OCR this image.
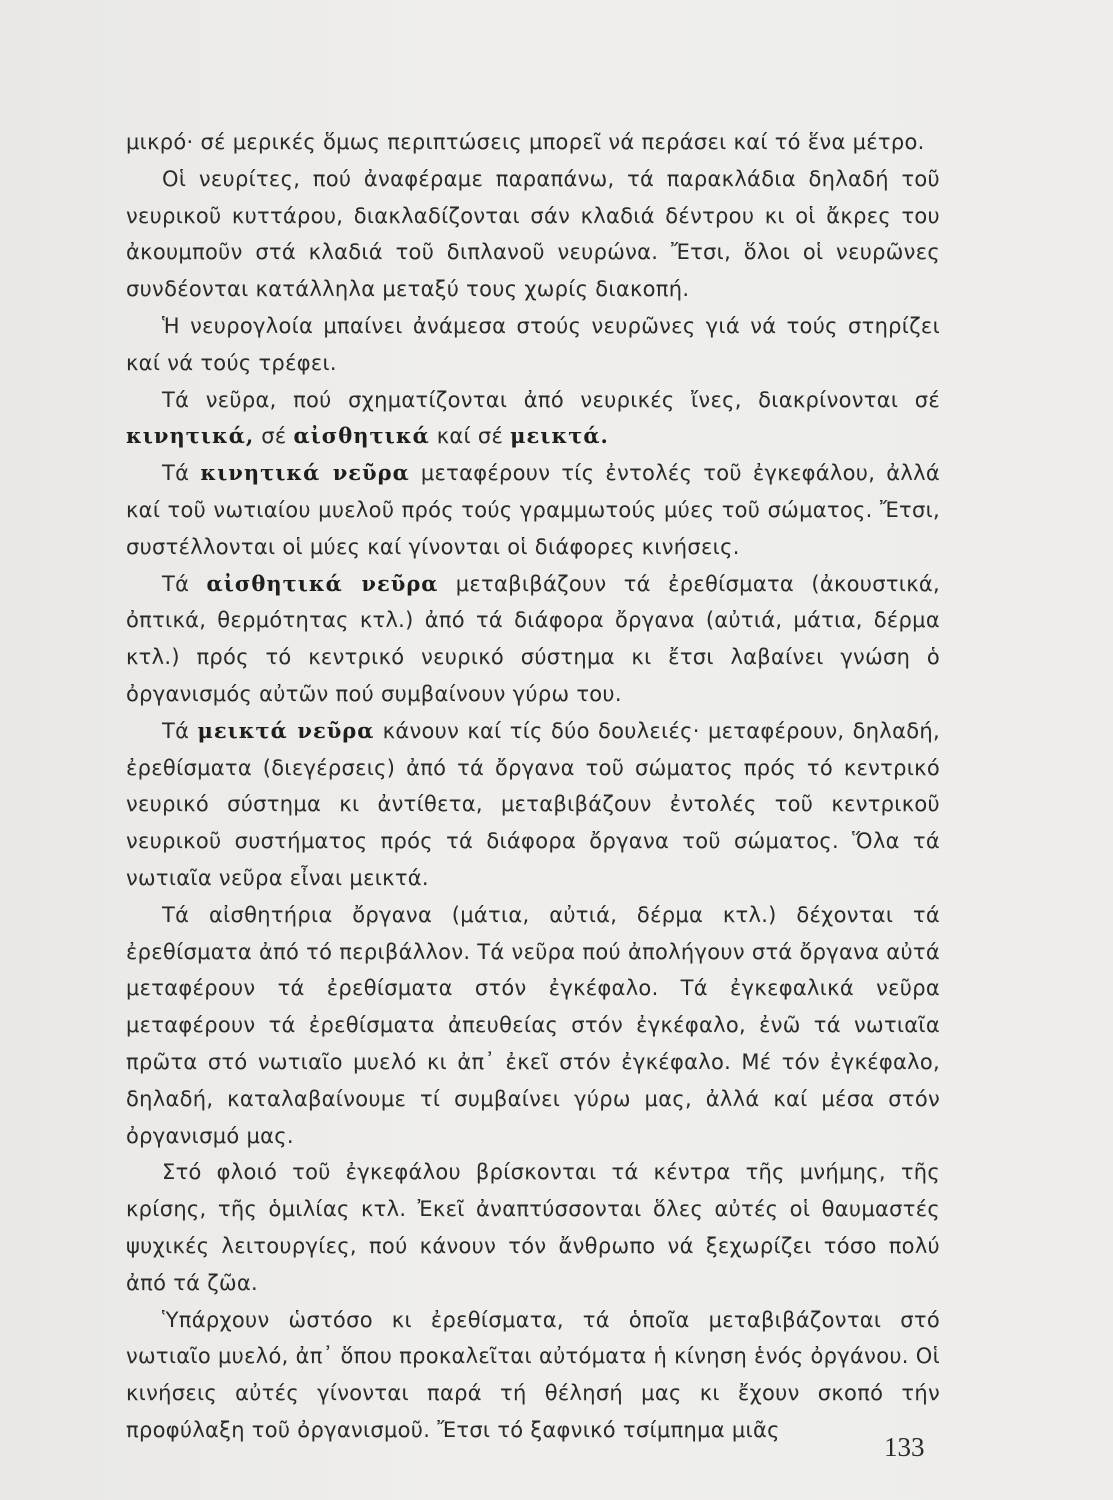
μικρό· σέ μερικές ὅμως περιπτώσεις μπορεῖ νά περάσει καί τό ἕνα μέτρο.

Οἱ νευρίτες, πού ἀναφέραμε παραπάνω, τά παρακλάδια δηλαδή τοῦ νευρικοῦ κυττάρου, διακλαδίζονται σάν κλαδιά δέντρου κι οἱ ἄκρες του ἀκουμποῦν στά κλαδιά τοῦ διπλανοῦ νευρώνα. Ἔτσι, ὅλοι οἱ νευρῶνες συνδέονται κατάλληλα μεταξύ τους χωρίς διακοπή.

Ἡ νευρογλοία μπαίνει ἀνάμεσα στούς νευρῶνες γιά νά τούς στηρίζει καί νά τούς τρέφει.

Τά νεῦρα, πού σχηματίζονται ἀπό νευρικές ἴνες, διακρίνονται σέ κινητικά, σέ αἰσθητικά καί σέ μεικτά.

Τά κινητικά νεῦρα μεταφέρουν τίς ἐντολές τοῦ ἐγκεφάλου, ἀλλά καί τοῦ νωτιαίου μυελοῦ πρός τούς γραμμωτούς μύες τοῦ σώματος. Ἔτσι, συστέλλονται οἱ μύες καί γίνονται οἱ διάφορες κινήσεις.

Τά αἰσθητικά νεῦρα μεταβιβάζουν τά ἐρεθίσματα (ἀκουστικά, ὀπτικά, θερμότητας κτλ.) ἀπό τά διάφορα ὄργανα (αὐτιά, μάτια, δέρμα κτλ.) πρός τό κεντρικό νευρικό σύστημα κι ἔτσι λαβαίνει γνώση ὁ ὀργανισμός αὐτῶν πού συμβαίνουν γύρω του.

Τά μεικτά νεῦρα κάνουν καί τίς δύο δουλειές· μεταφέρουν, δηλαδή, ἐρεθίσματα (διεγέρσεις) ἀπό τά ὄργανα τοῦ σώματος πρός τό κεντρικό νευρικό σύστημα κι ἀντίθετα, μεταβιβάζουν ἐντολές τοῦ κεντρικοῦ νευρικοῦ συστήματος πρός τά διάφορα ὄργανα τοῦ σώματος. Ὅλα τά νωτιαῖα νεῦρα εἶναι μεικτά.

Τά αἰσθητήρια ὄργανα (μάτια, αὐτιά, δέρμα κτλ.) δέχονται τά ἐρεθίσματα ἀπό τό περιβάλλον. Τά νεῦρα πού ἀπολήγουν στά ὄργανα αὐτά μεταφέρουν τά ἐρεθίσματα στόν ἐγκέφαλο. Τά ἐγκεφαλικά νεῦρα μεταφέρουν τά ἐρεθίσματα ἀπευθείας στόν ἐγκέφαλο, ἐνῶ τά νωτιαῖα πρῶτα στό νωτιαῖο μυελό κι ἀπ᾽ ἐκεῖ στόν ἐγκέφαλο. Μέ τόν ἐγκέφαλο, δηλαδή, καταλαβαίνουμε τί συμβαίνει γύρω μας, ἀλλά καί μέσα στόν ὀργανισμό μας.

Στό φλοιό τοῦ ἐγκεφάλου βρίσκονται τά κέντρα τῆς μνήμης, τῆς κρίσης, τῆς ὁμιλίας κτλ. Ἐκεῖ ἀναπτύσσονται ὅλες αὐτές οἱ θαυμαστές ψυχικές λειτουργίες, πού κάνουν τόν ἄνθρωπο νά ξεχωρίζει τόσο πολύ ἀπό τά ζῶα.

Ὑπάρχουν ὡστόσο κι ἐρεθίσματα, τά ὁποῖα μεταβιβάζονται στό νωτιαῖο μυελό, ἀπ᾽ ὅπου προκαλεῖται αὐτόματα ἡ κίνηση ἑνός ὀργάνου. Οἱ κινήσεις αὐτές γίνονται παρά τή θέλησή μας κι ἔχουν σκοπό τήν προφύλαξη τοῦ ὀργανισμοῦ. Ἔτσι τό ξαφνικό τσίμπημα μιᾶς

133
